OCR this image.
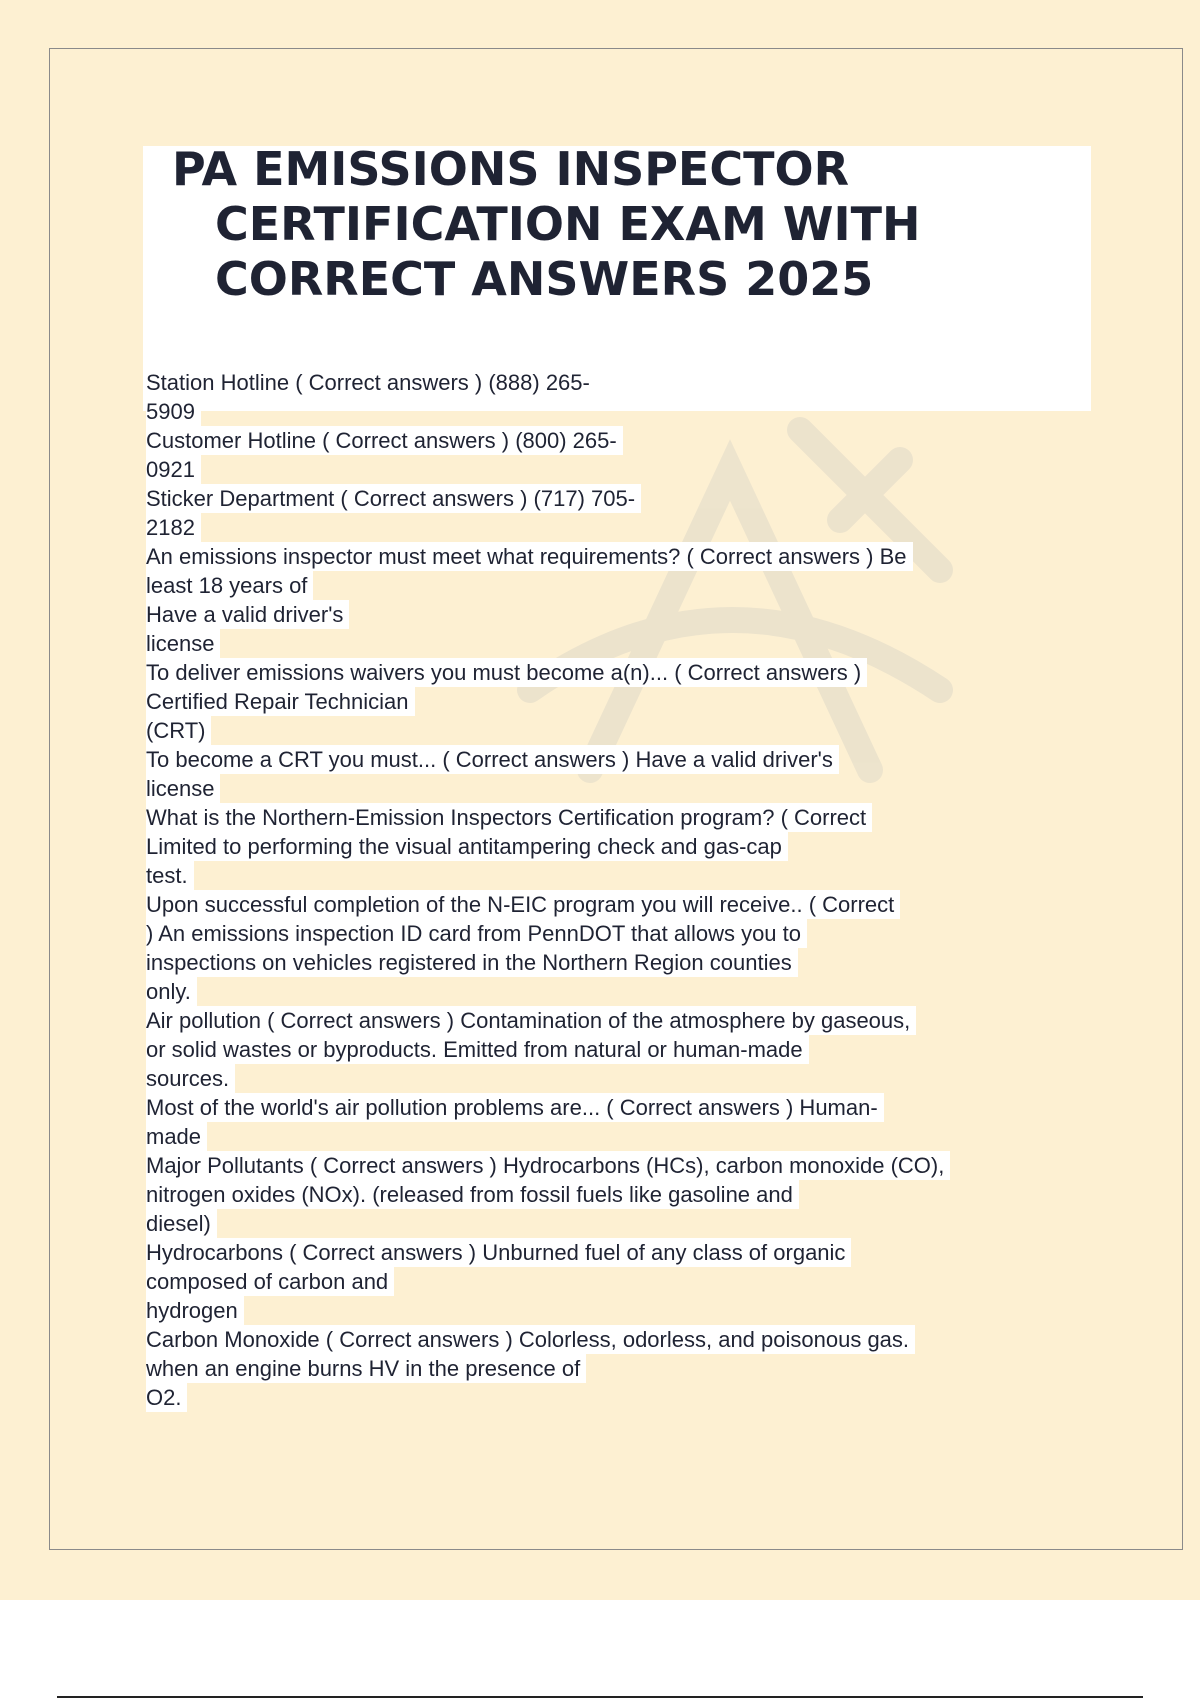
PA EMISSIONS INSPECTOR
CERTIFICATION EXAM WITH
CORRECT ANSWERS 2025

Station Hotline ( Correct answers ) (888) 265-

5909

Customer Hotline ( Correct answers ) (800) 265-

0921

Sticker Department ( Correct answers ) (717) 705-

2182

An emissions inspector must meet what requirements? ( Correct answers ) Be

least 18 years of

Have a valid driver's

license

To deliver emissions waivers you must become a(n)... ( Correct answers )

Certified Repair Technician

(CRT)

To become a CRT you must... ( Correct answers ) Have a valid driver's

license

What is the Northern-Emission Inspectors Certification program? ( Correct

Limited to performing the visual antitampering check and gas-cap

test.

Upon successful completion of the N-EIC program you will receive.. ( Correct

) An emissions inspection ID card from PennDOT that allows you to

inspections on vehicles registered in the Northern Region counties

only.

Air pollution ( Correct answers ) Contamination of the atmosphere by gaseous,

or solid wastes or byproducts. Emitted from natural or human-made

sources.

Most of the world's air pollution problems are... ( Correct answers ) Human-

made

Major Pollutants ( Correct answers ) Hydrocarbons (HCs), carbon monoxide (CO),

nitrogen oxides (NOx). (released from fossil fuels like gasoline and

diesel)

Hydrocarbons ( Correct answers ) Unburned fuel of any class of organic

composed of carbon and

hydrogen

Carbon Monoxide ( Correct answers ) Colorless, odorless, and poisonous gas.

when an engine burns HV in the presence of

O2.
